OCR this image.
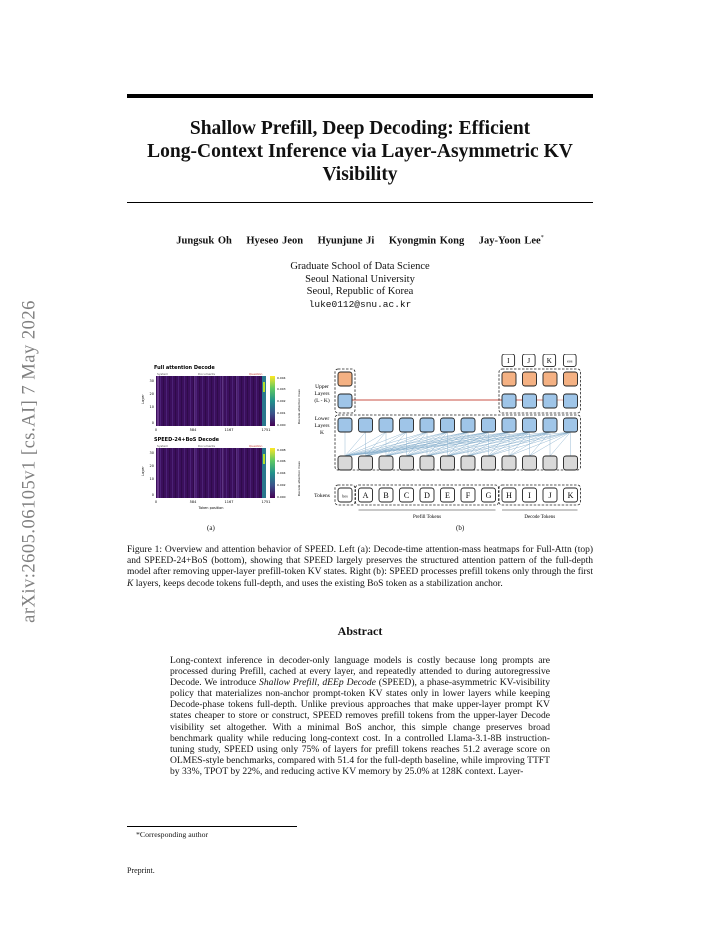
arXiv:2605.06105v1 [cs.AI] 7 May 2026
Shallow Prefill, Deep Decoding: Efficient
Long-Context Inference via Layer-Asymmetric KV
Visibility
Jungsuk Oh Hyeseo Jeon Hyunjune Ji Kyongmin Kong Jay-Yoon Lee*
Graduate School of Data Science
Seoul National University
Seoul, Republic of Korea
luke0112@snu.ac.kr
Full attention Decode
System	Documents	Question
Layer
30
20
10
0
0	584	1167	1751
0.004
0.003
0.002
0.001
0.000
Decode attention mass
SPEED-24+BoS Decode
System	Documents	Question
Layer
30
20
10
0
0	584	1167	1751
Token position
0.008
0.006
0.004
0.002
0.000
Decode attention mass
(a)
Upper
Layers
(L - K)
Lower
Layers
K
Tokens	bos A B C D E F G H I J K
I	J K	eos
Prefill Tokens	Decode Tokens
(b)
Figure 1: Overview and attention behavior of SPEED. Left (a): Decode-time attention-mass heatmaps for Full-Attn (top) and SPEED-24+BoS (bottom), showing that SPEED largely preserves the structured attention pattern of the full-depth model after removing upper-layer prefill-token KV states. Right (b): SPEED processes prefill tokens only through the first K layers, keeps decode tokens full-depth, and uses the existing BoS token as a stabilization anchor.
Abstract
Long-context inference in decoder-only language models is costly because long prompts are processed during Prefill, cached at every layer, and repeatedly attended to during autoregressive Decode. We introduce Shallow Prefill, dEEp Decode (SPEED), a phase-asymmetric KV-visibility policy that materializes non-anchor prompt-token KV states only in lower layers while keeping Decode-phase tokens full-depth. Unlike previous approaches that make upper-layer prompt KV states cheaper to store or construct, SPEED removes prefill tokens from the upper-layer Decode visibility set altogether. With a minimal BoS anchor, this simple change preserves broad benchmark quality while reducing long-context cost. In a controlled Llama-3.1-8B instruction-tuning study, SPEED using only 75% of layers for prefill tokens reaches 51.2 average score on OLMES-style benchmarks, compared with 51.4 for the full-depth baseline, while improving TTFT by 33%, TPOT by 22%, and reducing active KV memory by 25.0% at 128K context. Layer-
*Corresponding author
Preprint.
